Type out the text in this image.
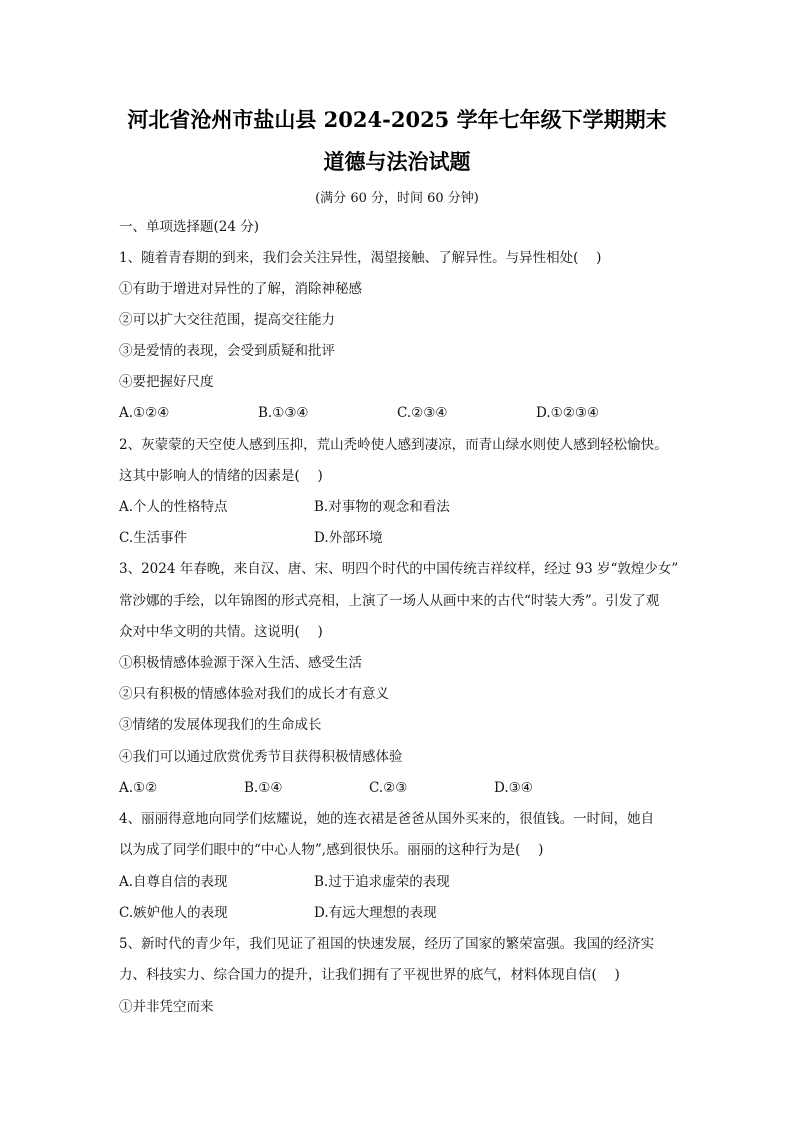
河北省沧州市盐山县 2024-2025 学年七年级下学期期末
道德与法治试题
(满分 60 分，时间 60 分钟)
一、单项选择题(24 分)
1、随着青春期的到来，我们会关注异性，渴望接触、了解异性。与异性相处(　 )
①有助于增进对异性的了解，消除神秘感
②可以扩大交往范围，提高交往能力
③是爱情的表现，会受到质疑和批评
④要把握好尺度
A.①②④	B.①③④	C.②③④	D.①②③④
2、灰蒙蒙的天空使人感到压抑，荒山秃岭使人感到凄凉，而青山绿水则使人感到轻松愉快。
这其中影响人的情绪的因素是(　 )
A.个人的性格特点	B.对事物的观念和看法
C.生活事件	D.外部环境
3、2024 年春晚，来自汉、唐、宋、明四个时代的中国传统吉祥纹样，经过 93 岁“敦煌少女”
常沙娜的手绘，以年锦图的形式亮相，上演了一场人从画中来的古代“时装大秀”。引发了观
众对中华文明的共情。这说明(　 )
①积极情感体验源于深入生活、感受生活
②只有积极的情感体验对我们的成长才有意义
③情绪的发展体现我们的生命成长
④我们可以通过欣赏优秀节目获得积极情感体验
A.①②	B.①④	C.②③	D.③④
4、丽丽得意地向同学们炫耀说，她的连衣裙是爸爸从国外买来的，很值钱。一时间，她自
以为成了同学们眼中的“中心人物”,感到很快乐。丽丽的这种行为是(　 )
A.自尊自信的表现	B.过于追求虚荣的表现
C.嫉妒他人的表现	D.有远大理想的表现
5、新时代的青少年，我们见证了祖国的快速发展，经历了国家的繁荣富强。我国的经济实
力、科技实力、综合国力的提升，让我们拥有了平视世界的底气，材料体现自信(　 )
①并非凭空而来
